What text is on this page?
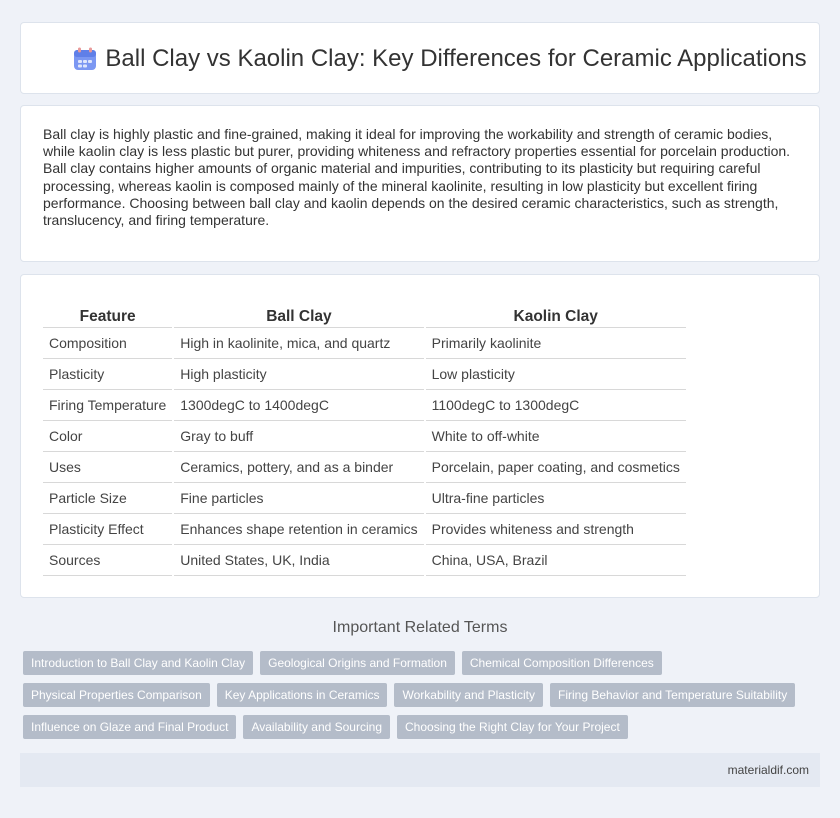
Ball Clay vs Kaolin Clay: Key Differences for Ceramic Applications

Ball clay is highly plastic and fine-grained, making it ideal for improving the workability and strength of ceramic bodies, while kaolin clay is less plastic but purer, providing whiteness and refractory properties essential for porcelain production. Ball clay contains higher amounts of organic material and impurities, contributing to its plasticity but requiring careful processing, whereas kaolin is composed mainly of the mineral kaolinite, resulting in low plasticity but excellent firing performance. Choosing between ball clay and kaolin depends on the desired ceramic characteristics, such as strength, translucency, and firing temperature.

Feature	Ball Clay	Kaolin Clay
Composition	High in kaolinite, mica, and quartz	Primarily kaolinite
Plasticity	High plasticity	Low plasticity
Firing Temperature	1300degC to 1400degC	1100degC to 1300degC
Color	Gray to buff	White to off-white
Uses	Ceramics, pottery, and as a binder	Porcelain, paper coating, and cosmetics
Particle Size	Fine particles	Ultra-fine particles
Plasticity Effect	Enhances shape retention in ceramics	Provides whiteness and strength
Sources	United States, UK, India	China, USA, Brazil
Important Related Terms
Introduction to Ball Clay and Kaolin Clay	Geological Origins and Formation	Chemical Composition Differences
Physical Properties Comparison	Key Applications in Ceramics	Workability and Plasticity	Firing Behavior and Temperature Suitability
Influence on Glaze and Final Product	Availability and Sourcing	Choosing the Right Clay for Your Project
materialdif.com
